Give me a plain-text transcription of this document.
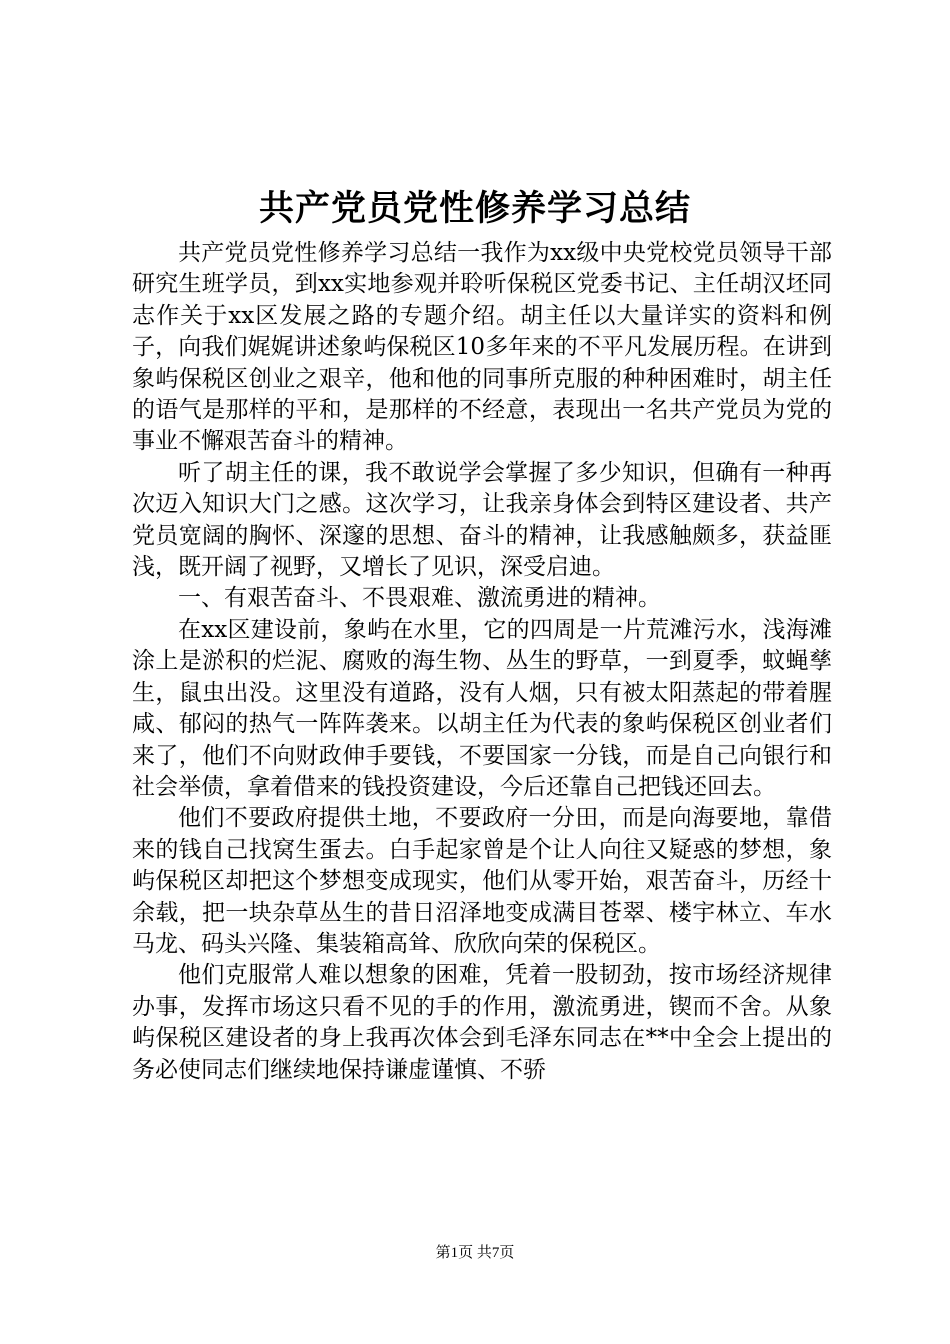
共产党员党性修养学习总结

共产党员党性修养学习总结一我作为xx级中央党校党员领导干部研究生班学员，到xx实地参观并聆听保税区党委书记、主任胡汉坯同志作关于xx区发展之路的专题介绍。胡主任以大量详实的资料和例子，向我们娓娓讲述象屿保税区10多年来的不平凡发展历程。在讲到象屿保税区创业之艰辛，他和他的同事所克服的种种困难时，胡主任的语气是那样的平和，是那样的不经意，表现出一名共产党员为党的事业不懈艰苦奋斗的精神。

听了胡主任的课，我不敢说学会掌握了多少知识，但确有一种再次迈入知识大门之感。这次学习，让我亲身体会到特区建设者、共产党员宽阔的胸怀、深邃的思想、奋斗的精神，让我感触颇多，获益匪浅，既开阔了视野，又增长了见识，深受启迪。

一、有艰苦奋斗、不畏艰难、激流勇进的精神。

在xx区建设前，象屿在水里，它的四周是一片荒滩污水，浅海滩涂上是淤积的烂泥、腐败的海生物、丛生的野草，一到夏季，蚊蝇孳生，鼠虫出没。这里没有道路，没有人烟，只有被太阳蒸起的带着腥咸、郁闷的热气一阵阵袭来。以胡主任为代表的象屿保税区创业者们来了，他们不向财政伸手要钱，不要国家一分钱，而是自己向银行和社会举债，拿着借来的钱投资建设，今后还靠自己把钱还回去。

他们不要政府提供土地，不要政府一分田，而是向海要地，靠借来的钱自己找窝生蛋去。白手起家曾是个让人向往又疑惑的梦想，象屿保税区却把这个梦想变成现实，他们从零开始，艰苦奋斗，历经十余载，把一块杂草丛生的昔日沼泽地变成满目苍翠、楼宇林立、车水马龙、码头兴隆、集装箱高耸、欣欣向荣的保税区。

他们克服常人难以想象的困难，凭着一股韧劲，按市场经济规律办事，发挥市场这只看不见的手的作用，激流勇进，锲而不舍。从象屿保税区建设者的身上我再次体会到毛泽东同志在**中全会上提出的务必使同志们继续地保持谦虚谨慎、不骄

第1页 共7页
